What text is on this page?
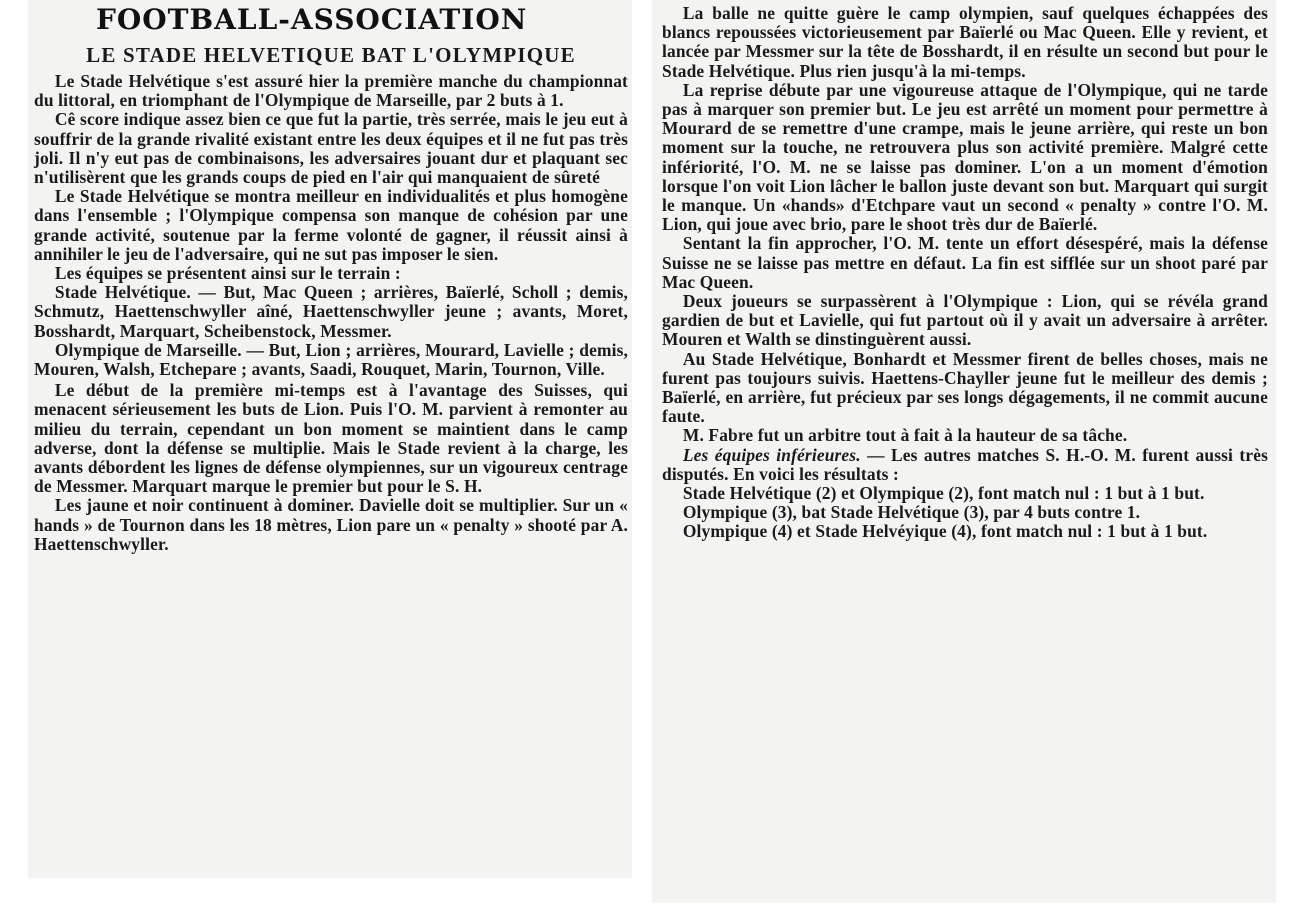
FOOTBALL-ASSOCIATION
LE STADE HELVETIQUE BAT L'OLYMPIQUE

Le Stade Helvétique s'est assuré hier la première manche du championnat du littoral, en triomphant de l'Olympique de Marseille, par 2 buts à 1.

Cê score indique assez bien ce que fut la partie, très serrée, mais le jeu eut à souffrir de la grande rivalité existant entre les deux équipes et il ne fut pas très joli. Il n'y eut pas de combinaisons, les adversaires jouant dur et plaquant sec n'utilisèrent que les grands coups de pied en l'air qui manquaient de sûreté

Le Stade Helvétique se montra meilleur en individualités et plus homogène dans l'ensemble ; l'Olympique compensa son manque de cohésion par une grande activité, soutenue par la ferme volonté de gagner, il réussit ainsi à annihiler le jeu de l'adversaire, qui ne sut pas imposer le sien.

Les équipes se présentent ainsi sur le terrain :

Stade Helvétique. — But, Mac Queen ; arrières, Baïerlé, Scholl ; demis, Schmutz, Haettenschwyller aîné, Haettenschwyller jeune ; avants, Moret, Bosshardt, Marquart, Scheibenstock, Messmer.

Olympique de Marseille. — But, Lion ; arrières, Mourard, Lavielle ; demis, Mouren, Walsh, Etchepare ; avants, Saadi, Rouquet, Marin, Tournon, Ville.

Le début de la première mi-temps est à l'avantage des Suisses, qui menacent sérieusement les buts de Lion. Puis l'O. M. parvient à remonter au milieu du terrain, cependant un bon moment se maintient dans le camp adverse, dont la défense se multiplie. Mais le Stade revient à la charge, les avants débordent les lignes de défense olympiennes, sur un vigoureux centrage de Messmer. Marquart marque le premier but pour le S. H.

Les jaune et noir continuent à dominer. Davielle doit se multiplier. Sur un « hands » de Tournon dans les 18 mètres, Lion pare un « penalty » shooté par A. Haettenschwyller.

La balle ne quitte guère le camp olympien, sauf quelques échappées des blancs repoussées victorieusement par Baïerlé ou Mac Queen. Elle y revient, et lancée par Messmer sur la tête de Bosshardt, il en résulte un second but pour le Stade Helvétique. Plus rien jusqu'à la mi-temps.

La reprise débute par une vigoureuse attaque de l'Olympique, qui ne tarde pas à marquer son premier but. Le jeu est arrêté un moment pour permettre à Mourard de se remettre d'une crampe, mais le jeune arrière, qui reste un bon moment sur la touche, ne retrouvera plus son activité première. Malgré cette infériorité, l'O. M. ne se laisse pas dominer. L'on a un moment d'émotion lorsque l'on voit Lion lâcher le ballon juste devant son but. Marquart qui surgit le manque. Un «hands» d'Etchpare vaut un second « penalty » contre l'O. M. Lion, qui joue avec brio, pare le shoot très dur de Baïerlé.

Sentant la fin approcher, l'O. M. tente un effort désespéré, mais la défense Suisse ne se laisse pas mettre en défaut. La fin est sifflée sur un shoot paré par Mac Queen.

Deux joueurs se surpassèrent à l'Olympique : Lion, qui se révéla grand gardien de but et Lavielle, qui fut partout où il y avait un adversaire à arrêter. Mouren et Walth se dinstinguèrent aussi.

Au Stade Helvétique, Bonhardt et Messmer firent de belles choses, mais ne furent pas toujours suivis. Haettens-Chayller jeune fut le meilleur des demis ; Baïerlé, en arrière, fut précieux par ses longs dégagements, il ne commit aucune faute.

M. Fabre fut un arbitre tout à fait à la hauteur de sa tâche.

Les équipes inférieures. — Les autres matches S. H.-O. M. furent aussi très disputés. En voici les résultats :

Stade Helvétique (2) et Olympique (2), font match nul : 1 but à 1 but.

Olympique (3), bat Stade Helvétique (3), par 4 buts contre 1.

Olympique (4) et Stade Helvéyique (4), font match nul : 1 but à 1 but.
